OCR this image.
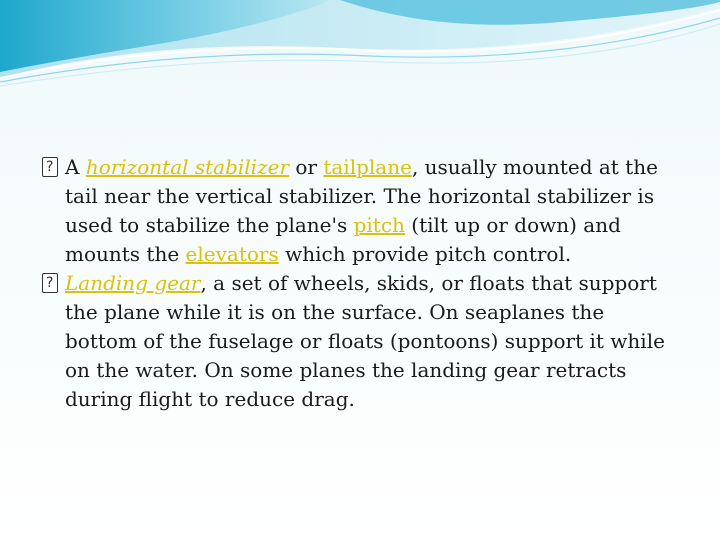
?
A horizontal stabilizer or tailplane, usually mounted at the tail near the vertical stabilizer. The horizontal stabilizer is used to stabilize the plane's pitch (tilt up or down) and mounts the elevators which provide pitch control.

?
Landing gear, a set of wheels, skids, or floats that support the plane while it is on the surface. On seaplanes the bottom of the fuselage or floats (pontoons) support it while on the water. On some planes the landing gear retracts during flight to reduce drag.
